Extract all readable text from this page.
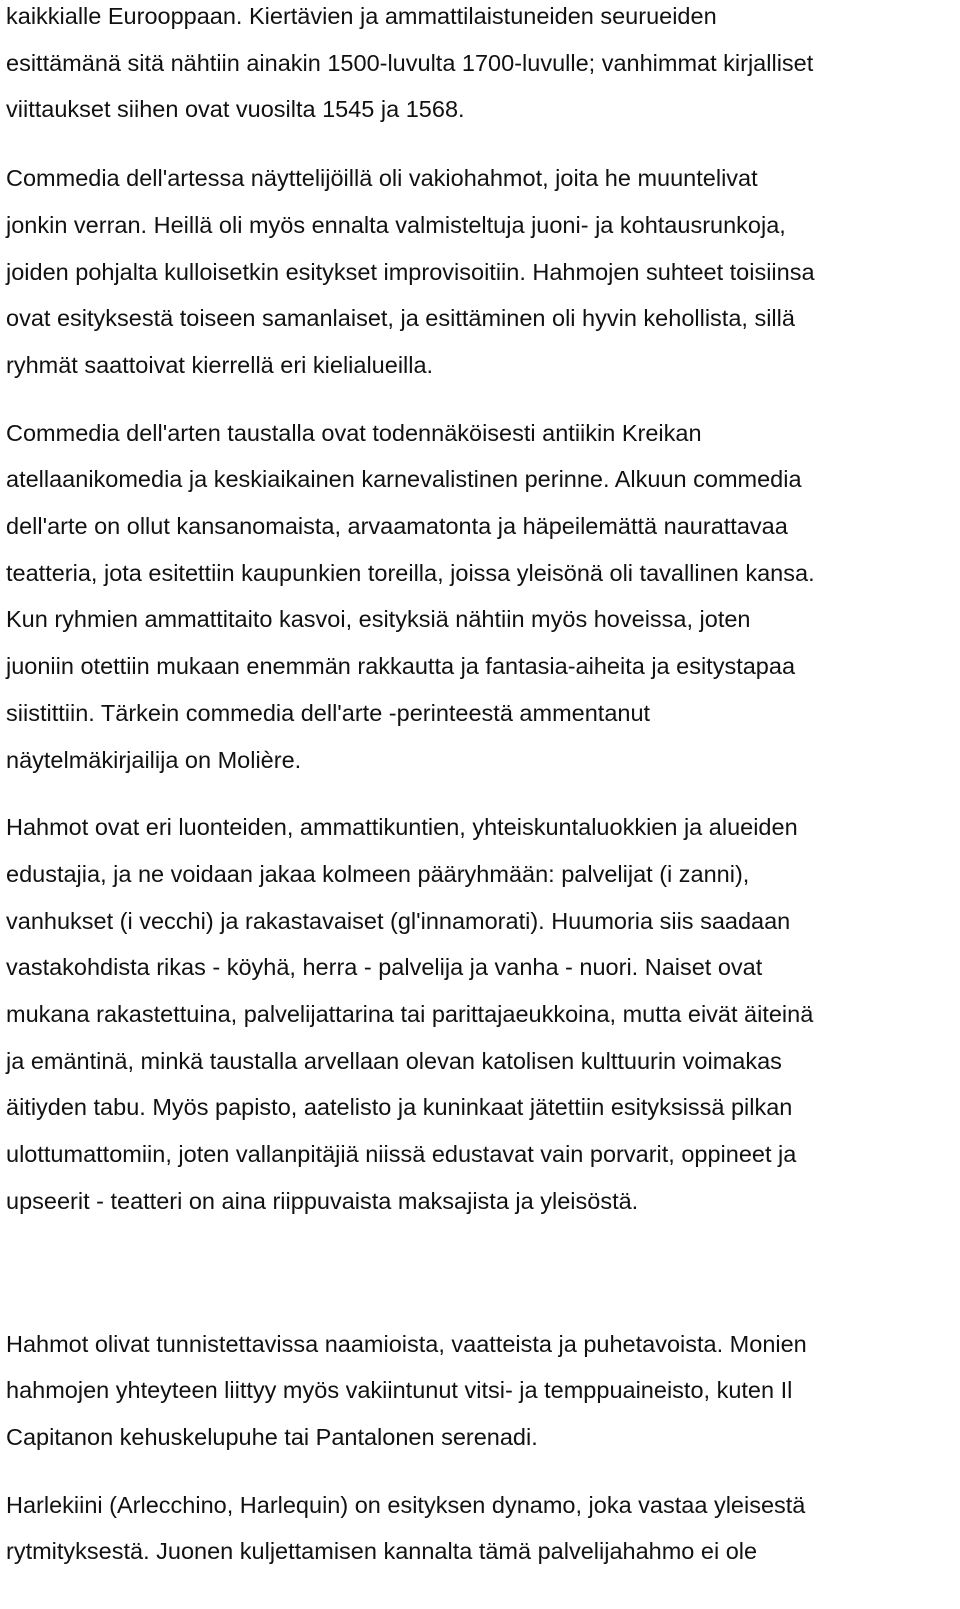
kaikkialle Eurooppaan. Kiertävien ja ammattilaistuneiden seurueiden
esittämänä sitä nähtiin ainakin 1500-luvulta 1700-luvulle; vanhimmat kirjalliset
viittaukset siihen ovat vuosilta 1545 ja 1568.

Commedia dell'artessa näyttelijöillä oli vakiohahmot, joita he muuntelivat
jonkin verran. Heillä oli myös ennalta valmisteltuja juoni- ja kohtausrunkoja,
joiden pohjalta kulloisetkin esitykset improvisoitiin. Hahmojen suhteet toisiinsa
ovat esityksestä toiseen samanlaiset, ja esittäminen oli hyvin kehollista, sillä
ryhmät saattoivat kierrellä eri kielialueilla.

Commedia dell'arten taustalla ovat todennäköisesti antiikin Kreikan
atellaanikomedia ja keskiaikainen karnevalistinen perinne. Alkuun commedia
dell'arte on ollut kansanomaista, arvaamatonta ja häpeilemättä naurattavaa
teatteria, jota esitettiin kaupunkien toreilla, joissa yleisönä oli tavallinen kansa.
Kun ryhmien ammattitaito kasvoi, esityksiä nähtiin myös hoveissa, joten
juoniin otettiin mukaan enemmän rakkautta ja fantasia-aiheita ja esitystapaa
siistittiin. Tärkein commedia dell'arte -perinteestä ammentanut
näytelmäkirjailija on Molière.

Hahmot ovat eri luonteiden, ammattikuntien, yhteiskuntaluokkien ja alueiden
edustajia, ja ne voidaan jakaa kolmeen pääryhmään: palvelijat (i zanni),
vanhukset (i vecchi) ja rakastavaiset (gl'innamorati). Huumoria siis saadaan
vastakohdista rikas - köyhä, herra - palvelija ja vanha - nuori. Naiset ovat
mukana rakastettuina, palvelijattarina tai parittajaeukkoina, mutta eivät äiteinä
ja emäntinä, minkä taustalla arvellaan olevan katolisen kulttuurin voimakas
äitiyden tabu. Myös papisto, aatelisto ja kuninkaat jätettiin esityksissä pilkan
ulottumattomiin, joten vallanpitäjiä niissä edustavat vain porvarit, oppineet ja
upseerit - teatteri on aina riippuvaista maksajista ja yleisöstä.

Hahmot olivat tunnistettavissa naamioista, vaatteista ja puhetavoista. Monien
hahmojen yhteyteen liittyy myös vakiintunut vitsi- ja temppuaineisto, kuten Il
Capitanon kehuskelupuhe tai Pantalonen serenadi.

Harlekiini (Arlecchino, Harlequin) on esityksen dynamo, joka vastaa yleisestä
rytmityksestä. Juonen kuljettamisen kannalta tämä palvelijahahmo ei ole
